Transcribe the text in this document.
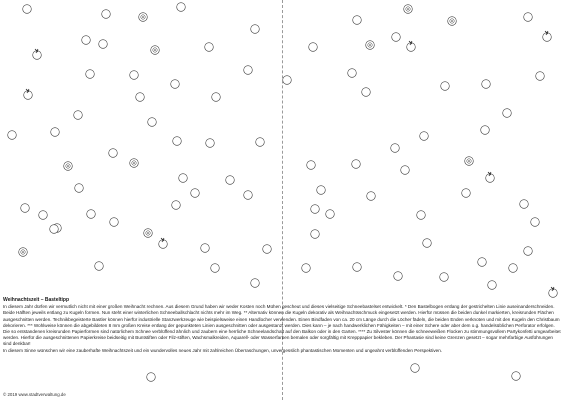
Weihnachtszeit – Basteltipp

In diesem Jahr dürfen wir vermutlich nicht mit einer großen Weihnacht rechnen. Aus diesem Grund haben wir weder Kosten noch Mühen gescheut und dieses vielseitige Schneebastelset entwickelt. * Den Bastelbogen entlang der gestrichelten Linie auseinanderschneiden. Beide Hälften jeweils entlang zu Kugeln formen. Nun steht einer winterlichen Schneeballschlacht nichts mehr im Weg. ** Alternativ können die Kugeln dekorativ als Weihnachtsschmuck eingesetzt werden. Hierfür müssen die beiden dunkel markierten, kreisrunden Flächen ausgeschnitten werden. Technikbegeisterte Bastler können hierfür industrielle Stanzwerkzeuge wie beispielsweise einen Handlocher verwenden. Einen Bindfaden von ca. 20 cm Länge durch die Löcher fädeln, die beiden Enden verknoten und mit den Kugeln den Christbaum dekorieren. *** Wohlweise können die abgebildeten 8 mm großen Kreise entlang der gepunkteten Linien ausgeschnitten oder ausgestanzt werden. Dies kann – je nach handwerklichen Fähigkeiten – mit einer Schere oder aber dem o.g. handelsüblichen Perforator erfolgen. Die so entstandenen kreisrunden Papierformen sind natürlichem Schnee verblüffend ähnlich und zaubern eine herrliche Schneelandschaft auf den Balkon oder in den Garten. **** Zu Silvester können die schneeweißen Flocken zu stimmungsvollem Partykonfetti umgearbeitet werden. Hierfür die ausgeschnittenen Papierkreise beidseitig mit Buntstiften oder Filz-stiften, Wachsmalkreiden, Aquarell- oder Wasserfarben bemalen oder sorgfältig mit Krepppapier bekleben. Der Phantasie sind keine Grenzen gesetzt – sogar mehrfarbige Ausführungen sind denkbar!

In diesem Sinne wünschen wir eine zauberhafte Weihnachtszeit und ein wundervolles neues Jahr mit zahlreichen Überraschungen, unvergesslich phantastischen Momenten und ungeahnt verblüffenden Perspektiven.

© 2019 www.stadtverwaltung.de
